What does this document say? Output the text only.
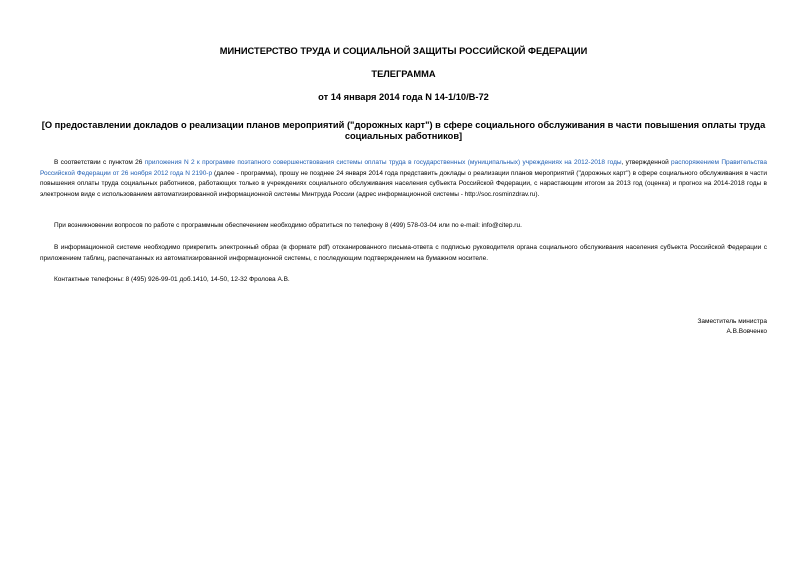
МИНИСТЕРСТВО ТРУДА И СОЦИАЛЬНОЙ ЗАЩИТЫ РОССИЙСКОЙ ФЕДЕРАЦИИ
ТЕЛЕГРАММА
от 14 января 2014 года N 14-1/10/В-72
[О предоставлении докладов о реализации планов мероприятий ("дорожных карт") в сфере социального обслуживания в части повышения оплаты труда социальных работников]
В соответствии с пунктом 26 приложения N 2 к программе поэтапного совершенствования системы оплаты труда в государственных (муниципальных) учреждениях на 2012-2018 годы, утвержденной распоряжением Правительства Российской Федерации от 26 ноября 2012 года N 2190-р (далее - программа), прошу не позднее 24 января 2014 года представить доклады о реализации планов мероприятий ("дорожных карт") в сфере социального обслуживания в части повышения оплаты труда социальных работников, работающих только в учреждениях социального обслуживания населения субъекта Российской Федерации, с нарастающим итогом за 2013 год (оценка) и прогноз на 2014-2018 годы в электронном виде с использованием автоматизированной информационной системы Минтруда России (адрес информационной системы - http://soc.rosminzdrav.ru).
При возникновении вопросов по работе с программным обеспечением необходимо обратиться по телефону 8 (499) 578-03-04 или по e-mail: info@citep.ru.
В информационной системе необходимо прикрепить электронный образ (в формате pdf) отсканированного письма-ответа с подписью руководителя органа социального обслуживания населения субъекта Российской Федерации с приложением таблиц, распечатанных из автоматизированной информационной системы, с последующим подтверждением на бумажном носителе.
Контактные телефоны: 8 (495) 926-99-01 доб.1410, 14-50, 12-32 Фролова А.В.
Заместитель министра
А.В.Вовченко
